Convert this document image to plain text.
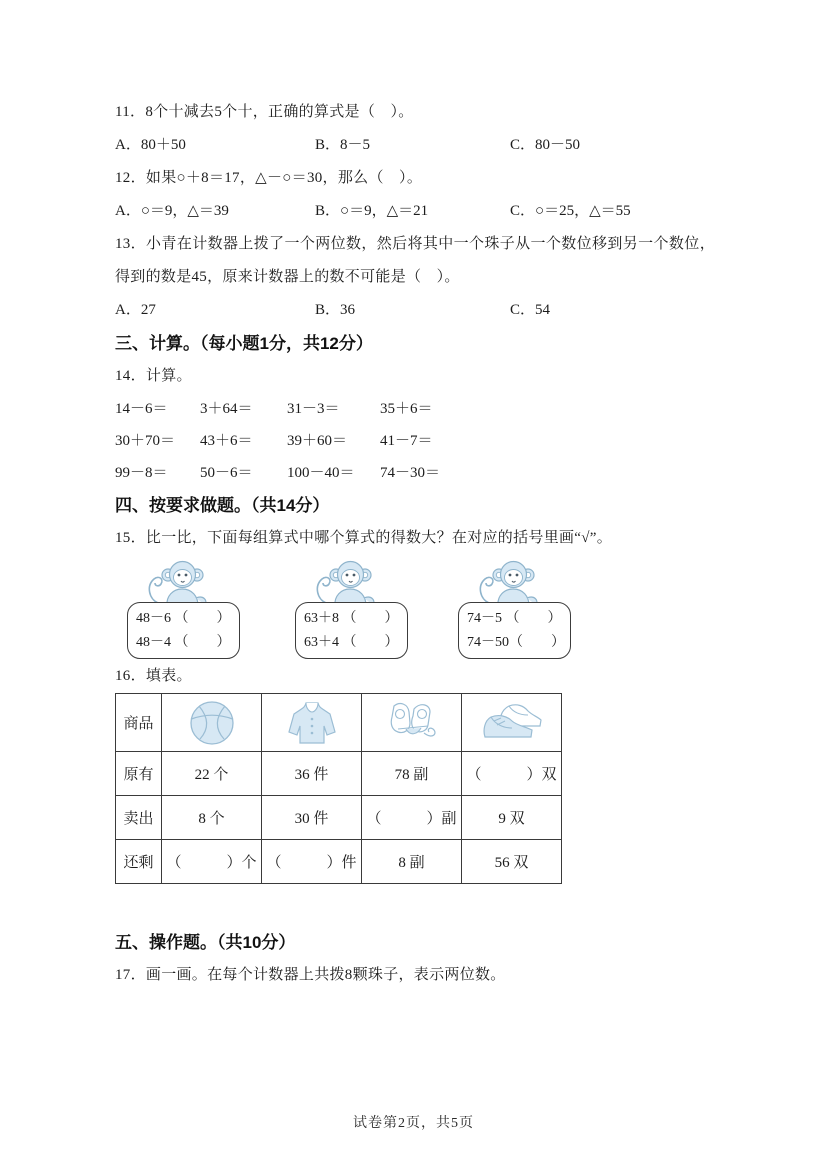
11．8个十减去5个十，正确的算式是（　）。

A．80＋50	B．8－5	C．80－50

12．如果○＋8＝17，△－○＝30，那么（　）。

A．○＝9，△＝39	B．○＝9，△＝21	C．○＝25，△＝55

13．小青在计数器上拨了一个两位数，然后将其中一个珠子从一个数位移到另一个数位，得到的数是45，原来计数器上的数不可能是（　）。

A．27	B．36	C．54
三、计算。（每小题1分，共12分）

14．计算。

14－6＝	3＋64＝	31－3＝	35＋6＝
30＋70＝	43＋6＝	39＋60＝	41－7＝
99－8＝	50－6＝	100－40＝	74－30＝
四、按要求做题。（共14分）

15．比一比，下面每组算式中哪个算式的得数大？在对应的括号里画“√”。

48－6 （　　）
48－4 （　　）
63＋8 （　　）
63＋4 （　　）
74－5 （　　）
74－50（　　）

16．填表。

商品				
原有	22 个	36 件	78 副	（　　　）双
卖出	8 个	30 件	（　　　）副	9 双
还剩	（　　　）个	（　　　）件	8 副	56 双
五、操作题。（共10分）

17．画一画。在每个计数器上共拨8颗珠子，表示两位数。

试卷第2页，共5页
